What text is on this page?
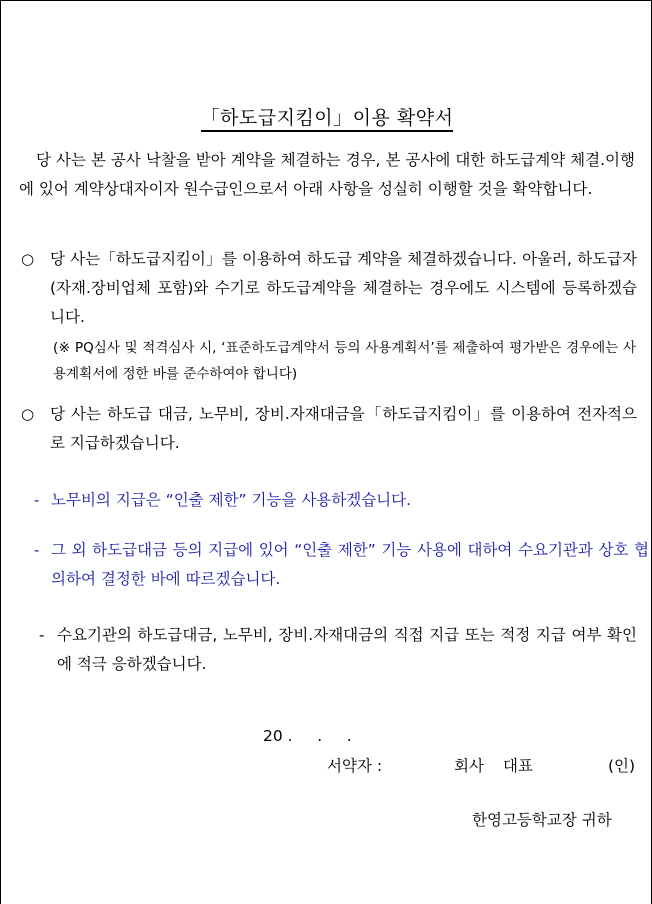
「하도급지킴이」이용 확약서

당 사는 본 공사 낙찰을 받아 계약을 체결하는 경우, 본 공사에 대한 하도급계약 체결.이행에 있어 계약상대자이자 원수급인으로서 아래 사항을 성실히 이행할 것을 확약합니다.

○ 당 사는「하도급지킴이」를 이용하여 하도급 계약을 체결하겠습니다. 아울러, 하도급자(자재.장비업체 포함)와 수기로 하도급계약을 체결하는 경우에도 시스템에 등록하겠습니다.

(※ PQ심사 및 적격심사 시, ‘표준하도급계약서 등의 사용계획서’를 제출하여 평가받은 경우에는 사용계획서에 정한 바를 준수하여야 합니다)

○ 당 사는 하도급 대금, 노무비, 장비.자재대금을「하도급지킴이」를 이용하여 전자적으로 지급하겠습니다.

- 노무비의 지급은 “인출 제한” 기능을 사용하겠습니다.

- 그 외 하도급대금 등의 지급에 있어 “인출 제한” 기능 사용에 대하여 수요기관과 상호 협의하여 결정한 바에 따르겠습니다.

- 수요기관의 하도급대금, 노무비, 장비.자재대금의 직접 지급 또는 적정 지급 여부 확인에 적극 응하겠습니다.

20 .     .     .
서약자 :	회사 대표	(인)
한영고등학교장 귀하
